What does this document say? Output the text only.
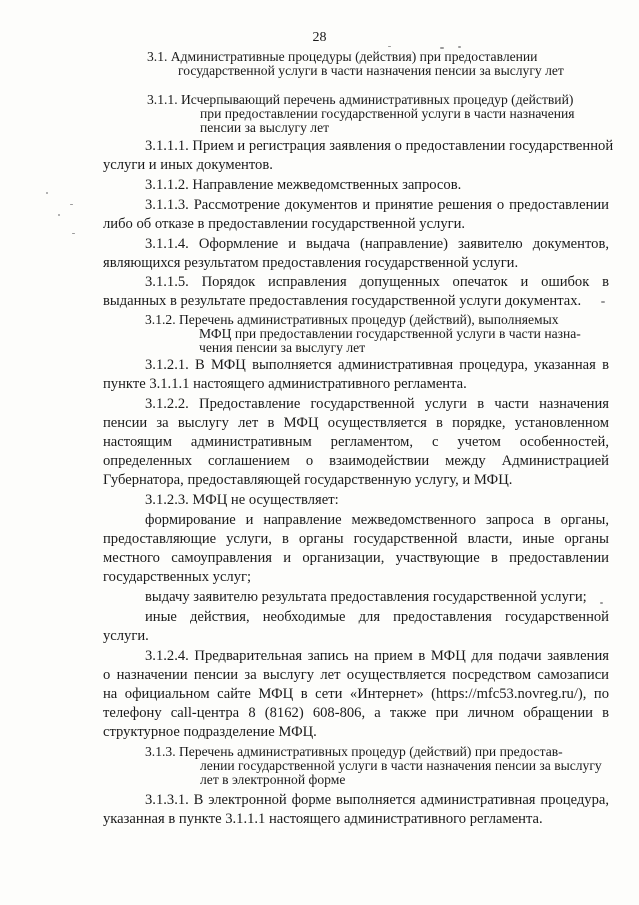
28
3.1. Административные процедуры (действия) при предоставлении
государственной услуги в части назначения пенсии за выслугу лет
3.1.1. Исчерпывающий перечень административных процедур (действий)
при предоставлении государственной услуги в части назначения
пенсии за выслугу лет
3.1.1.1. Прием и регистрация заявления о предоставлении государственной
услуги и иных документов.
3.1.1.2. Направление межведомственных запросов.
3.1.1.3. Рассмотрение документов и принятие решения о предоставлении
либо об отказе в предоставлении государственной услуги.
3.1.1.4. Оформление и выдача (направление) заявителю документов,
являющихся результатом предоставления государственной услуги.
3.1.1.5. Порядок исправления допущенных опечаток и ошибок в
выданных в результате предоставления государственной услуги документах.
3.1.2. Перечень административных процедур (действий), выполняемых
МФЦ при предоставлении государственной услуги в части назна-
чения пенсии за выслугу лет
3.1.2.1. В МФЦ выполняется административная процедура, указанная в
пункте 3.1.1.1 настоящего административного регламента.
3.1.2.2. Предоставление государственной услуги в части назначения
пенсии за выслугу лет в МФЦ осуществляется в порядке, установленном
настоящим административным регламентом, с учетом особенностей,
определенных соглашением о взаимодействии между Администрацией
Губернатора, предоставляющей государственную услугу, и МФЦ.
3.1.2.3. МФЦ не осуществляет:
формирование и направление межведомственного запроса в органы,
предоставляющие услуги, в органы государственной власти, иные органы
местного самоуправления и организации, участвующие в предоставлении
государственных услуг;
выдачу заявителю результата предоставления государственной услуги;
иные действия, необходимые для предоставления государственной
услуги.
3.1.2.4. Предварительная запись на прием в МФЦ для подачи заявления
о назначении пенсии за выслугу лет осуществляется посредством самозаписи
на официальном сайте МФЦ в сети «Интернет» (https://mfc53.novreg.ru/), по
телефону call-центра 8 (8162) 608-806, а также при личном обращении в
структурное подразделение МФЦ.
3.1.3. Перечень административных процедур (действий) при предостав-
лении государственной услуги в части назначения пенсии за выслугу
лет в электронной форме
3.1.3.1. В электронной форме выполняется административная процедура,
указанная в пункте 3.1.1.1 настоящего административного регламента.
